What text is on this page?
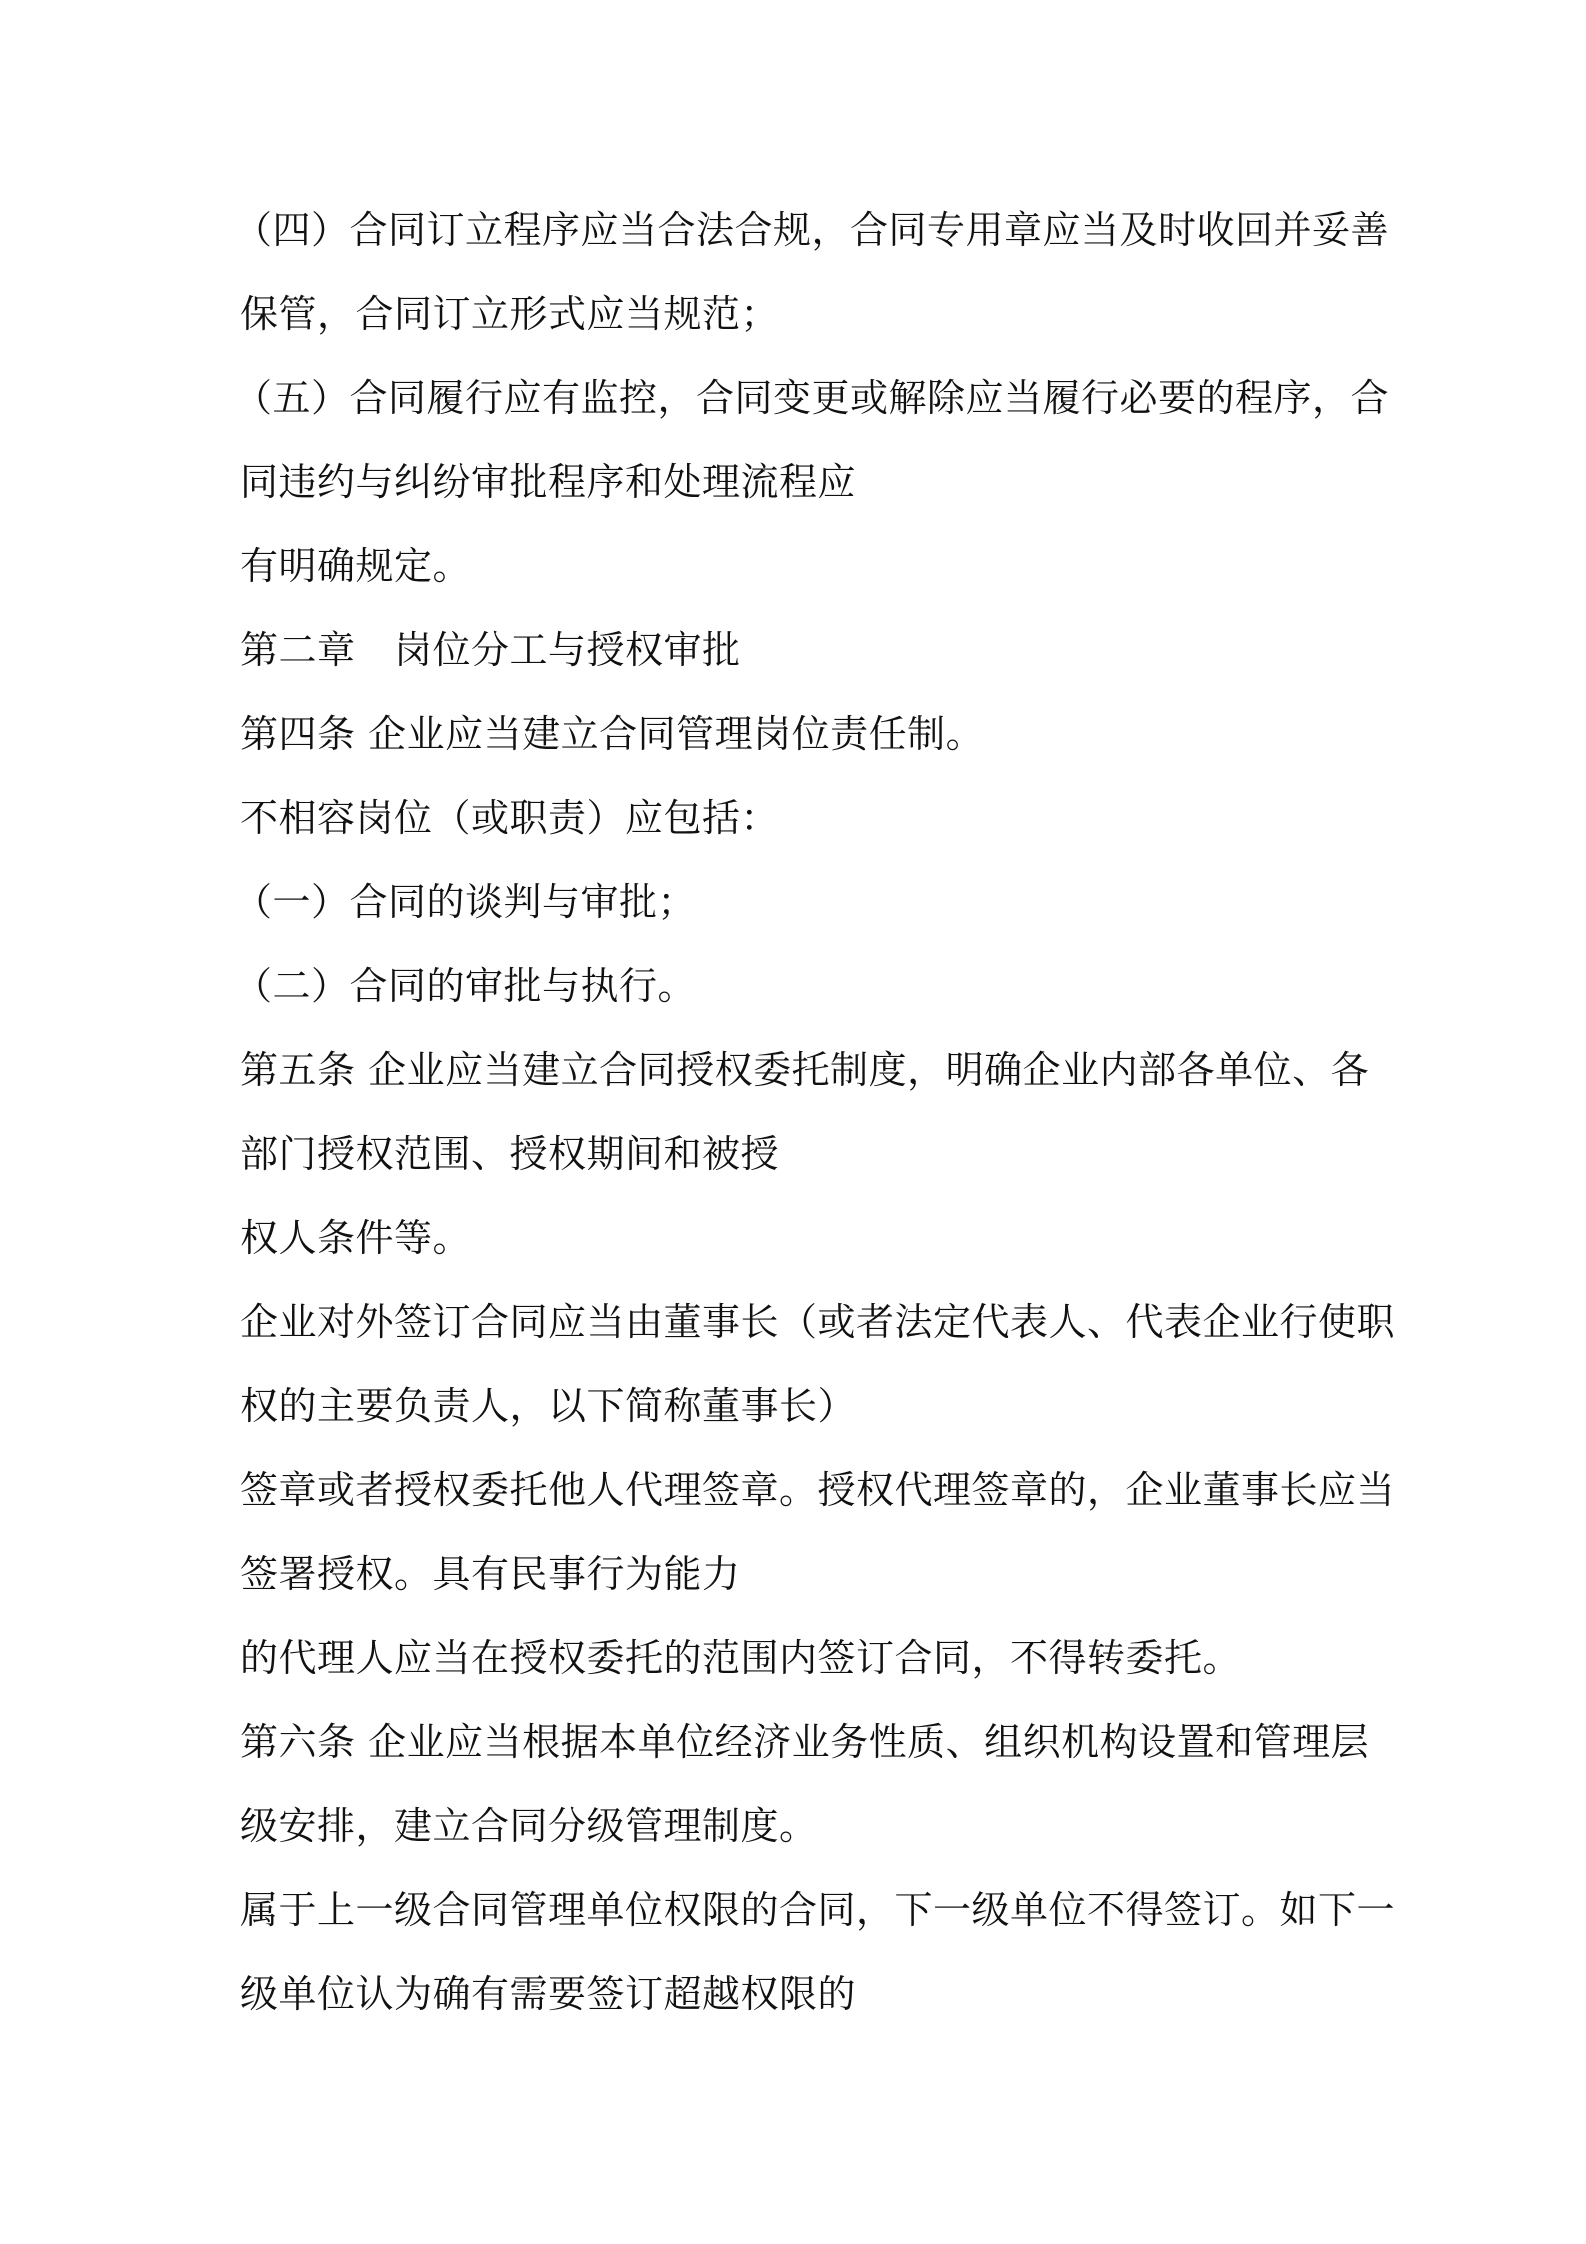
（四）合同订立程序应当合法合规，合同专用章应当及时收回并妥善
保管，合同订立形式应当规范；
（五）合同履行应有监控，合同变更或解除应当履行必要的程序，合
同违约与纠纷审批程序和处理流程应
有明确规定。
第二章　岗位分工与授权审批
第四条 企业应当建立合同管理岗位责任制。
不相容岗位（或职责）应包括：
（一）合同的谈判与审批；
（二）合同的审批与执行。
第五条 企业应当建立合同授权委托制度，明确企业内部各单位、各
部门授权范围、授权期间和被授
权人条件等。
企业对外签订合同应当由董事长（或者法定代表人、代表企业行使职
权的主要负责人，以下简称董事长）
签章或者授权委托他人代理签章。授权代理签章的，企业董事长应当
签署授权。具有民事行为能力
的代理人应当在授权委托的范围内签订合同，不得转委托。
第六条 企业应当根据本单位经济业务性质、组织机构设置和管理层
级安排，建立合同分级管理制度。
属于上一级合同管理单位权限的合同，下一级单位不得签订。如下一
级单位认为确有需要签订超越权限的
